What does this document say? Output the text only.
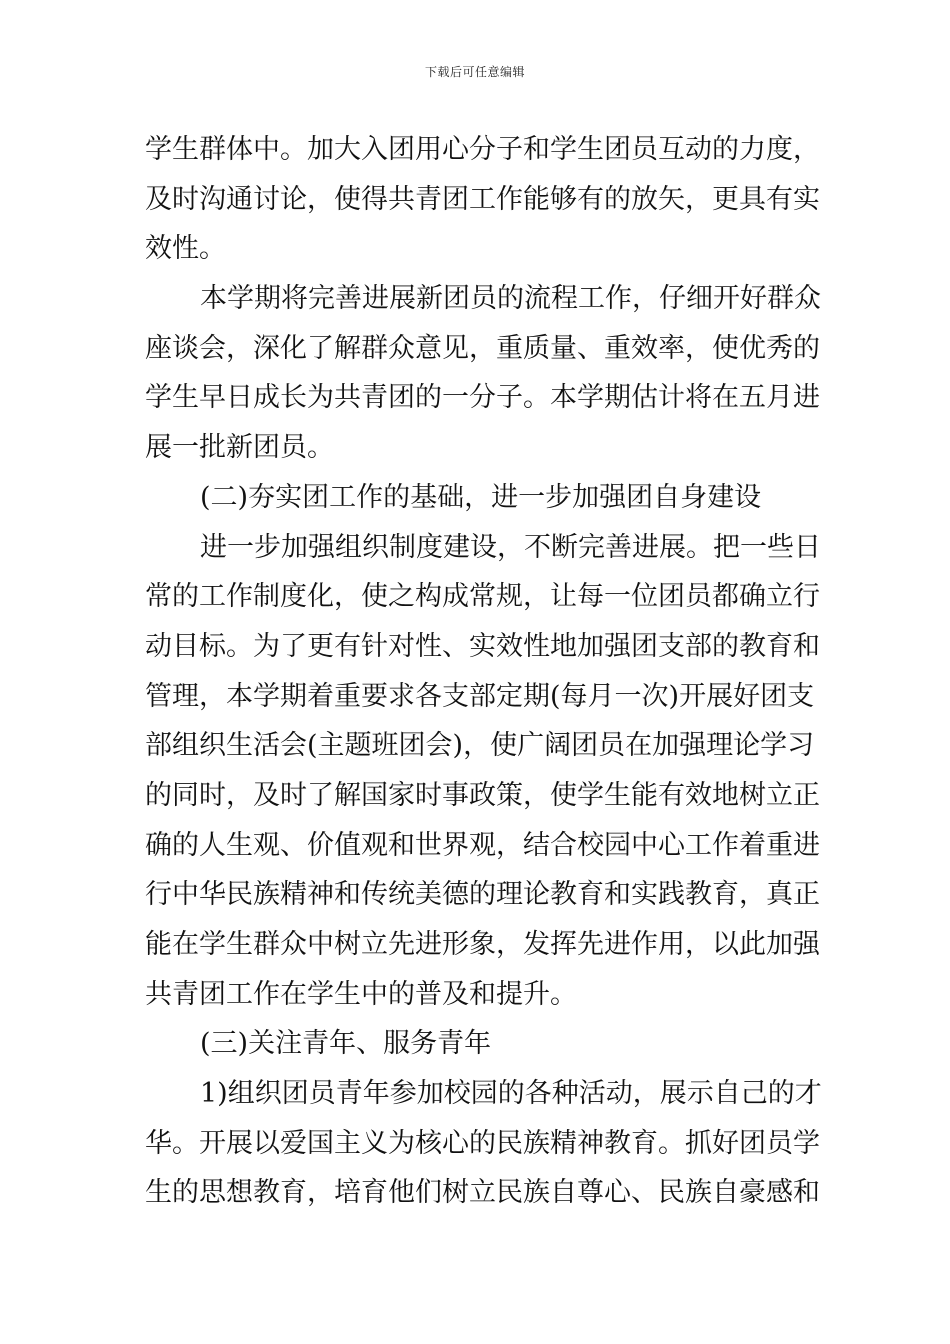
下载后可任意编辑
学生群体中。加大入团用心分子和学生团员互动的力度，
及时沟通讨论，使得共青团工作能够有的放矢，更具有实
效性。
本学期将完善进展新团员的流程工作，仔细开好群众
座谈会，深化了解群众意见，重质量、重效率，使优秀的
学生早日成长为共青团的一分子。本学期估计将在五月进
展一批新团员。
(二)夯实团工作的基础，进一步加强团自身建设
进一步加强组织制度建设，不断完善进展。把一些日
常的工作制度化，使之构成常规，让每一位团员都确立行
动目标。为了更有针对性、实效性地加强团支部的教育和
管理，本学期着重要求各支部定期(每月一次)开展好团支
部组织生活会(主题班团会)，使广阔团员在加强理论学习
的同时，及时了解国家时事政策，使学生能有效地树立正
确的人生观、价值观和世界观，结合校园中心工作着重进
行中华民族精神和传统美德的理论教育和实践教育，真正
能在学生群众中树立先进形象，发挥先进作用，以此加强
共青团工作在学生中的普及和提升。
(三)关注青年、服务青年
1)组织团员青年参加校园的各种活动，展示自己的才
华。开展以爱国主义为核心的民族精神教育。抓好团员学
生的思想教育，培育他们树立民族自尊心、民族自豪感和
